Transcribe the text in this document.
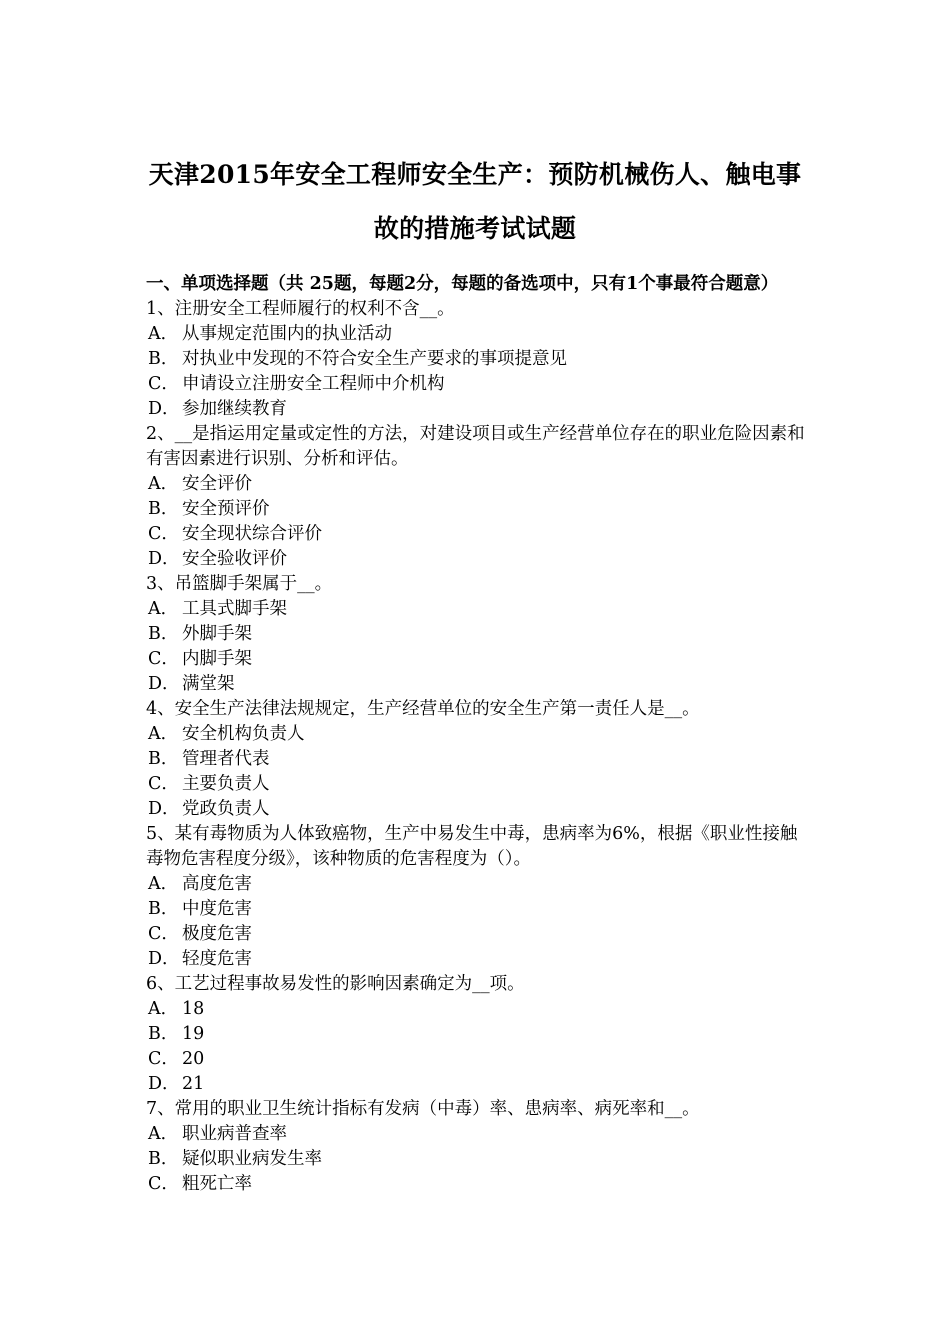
天津2015年安全工程师安全生产：预防机械伤人、触电事
故的措施考试试题

一、单项选择题（共 25题，每题2分，每题的备选项中，只有1个事最符合题意）

1、注册安全工程师履行的权利不含__。

A． 从事规定范围内的执业活动

B． 对执业中发现的不符合安全生产要求的事项提意见

C． 申请设立注册安全工程师中介机构

D． 参加继续教育

2、__是指运用定量或定性的方法，对建设项目或生产经营单位存在的职业危险因素和有害因素进行识别、分析和评估。

A． 安全评价

B． 安全预评价

C． 安全现状综合评价

D． 安全验收评价

3、吊篮脚手架属于__。

A． 工具式脚手架

B． 外脚手架

C． 内脚手架

D． 满堂架

4、安全生产法律法规规定，生产经营单位的安全生产第一责任人是__。

A． 安全机构负责人

B． 管理者代表

C． 主要负责人

D． 党政负责人

5、某有毒物质为人体致癌物，生产中易发生中毒，患病率为6%，根据《职业性接触毒物危害程度分级》，该种物质的危害程度为（）。

A． 高度危害

B． 中度危害

C． 极度危害

D． 轻度危害

6、工艺过程事故易发性的影响因素确定为__项。

A． 18

B． 19

C． 20

D． 21

7、常用的职业卫生统计指标有发病（中毒）率、患病率、病死率和__。

A． 职业病普查率

B． 疑似职业病发生率

C． 粗死亡率
